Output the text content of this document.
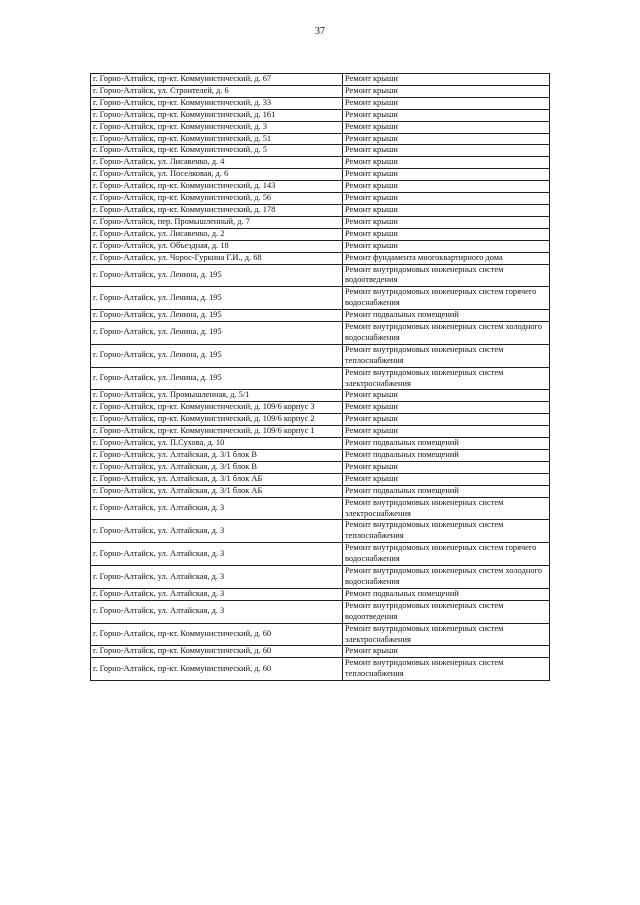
37
г. Горно-Алтайск, пр-кт. Коммунистический, д. 67	Ремонт крыши
г. Горно-Алтайск, ул. Строителей, д. 6	Ремонт крыши
г. Горно-Алтайск, пр-кт. Коммунистический, д. 33	Ремонт крыши
г. Горно-Алтайск, пр-кт. Коммунистический, д. 161	Ремонт крыши
г. Горно-Алтайск, пр-кт. Коммунистический, д. 3	Ремонт крыши
г. Горно-Алтайск, пр-кт. Коммунистический, д. 51	Ремонт крыши
г. Горно-Алтайск, пр-кт. Коммунистический, д. 5	Ремонт крыши
г. Горно-Алтайск, ул. Лисавенко, д. 4	Ремонт крыши
г. Горно-Алтайск, ул. Поселковая, д. 6	Ремонт крыши
г. Горно-Алтайск, пр-кт. Коммунистический, д. 143	Ремонт крыши
г. Горно-Алтайск, пр-кт. Коммунистический, д. 56	Ремонт крыши
г. Горно-Алтайск, пр-кт. Коммунистический, д. 178	Ремонт крыши
г. Горно-Алтайск, пер. Промышленный, д. 7	Ремонт крыши
г. Горно-Алтайск, ул. Лисавенко, д. 2	Ремонт крыши
г. Горно-Алтайск, ул. Объездная, д. 18	Ремонт крыши
г. Горно-Алтайск, ул. Чорос-Гуркина Г.И., д. 68	Ремонт фундамента многоквартирного дома
г. Горно-Алтайск, ул. Ленина, д. 195	Ремонт внутридомовых инженерных систем водоотведения
г. Горно-Алтайск, ул. Ленина, д. 195	Ремонт внутридомовых инженерных систем горячего водоснабжения
г. Горно-Алтайск, ул. Ленина, д. 195	Ремонт подвальных помещений
г. Горно-Алтайск, ул. Ленина, д. 195	Ремонт внутридомовых инженерных систем холодного водоснабжения
г. Горно-Алтайск, ул. Ленина, д. 195	Ремонт внутридомовых инженерных систем теплоснабжения
г. Горно-Алтайск, ул. Ленина, д. 195	Ремонт внутридомовых инженерных систем электроснабжения
г. Горно-Алтайск, ул. Промышленная, д. 5/1	Ремонт крыши
г. Горно-Алтайск, пр-кт. Коммунистический, д. 109/6 корпус 3	Ремонт крыши
г. Горно-Алтайск, пр-кт. Коммунистический, д. 109/6 корпус 2	Ремонт крыши
г. Горно-Алтайск, пр-кт. Коммунистический, д. 109/6 корпус 1	Ремонт крыши
г. Горно-Алтайск, ул. П.Сухова, д. 10	Ремонт подвальных помещений
г. Горно-Алтайск, ул. Алтайская, д. 3/1 блок В	Ремонт подвальных помещений
г. Горно-Алтайск, ул. Алтайская, д. 3/1 блок В	Ремонт крыши
г. Горно-Алтайск, ул. Алтайская, д. 3/1 блок АБ	Ремонт крыши
г. Горно-Алтайск, ул. Алтайская, д. 3/1 блок АБ	Ремонт подвальных помещений
г. Горно-Алтайск, ул. Алтайская, д. 3	Ремонт внутридомовых инженерных систем электроснабжения
г. Горно-Алтайск, ул. Алтайская, д. 3	Ремонт внутридомовых инженерных систем теплоснабжения
г. Горно-Алтайск, ул. Алтайская, д. 3	Ремонт внутридомовых инженерных систем горячего водоснабжения
г. Горно-Алтайск, ул. Алтайская, д. 3	Ремонт внутридомовых инженерных систем холодного водоснабжения
г. Горно-Алтайск, ул. Алтайская, д. 3	Ремонт подвальных помещений
г. Горно-Алтайск, ул. Алтайская, д. 3	Ремонт внутридомовых инженерных систем водоотведения
г. Горно-Алтайск, пр-кт. Коммунистический, д. 60	Ремонт внутридомовых инженерных систем электроснабжения
г. Горно-Алтайск, пр-кт. Коммунистический, д. 60	Ремонт крыши
г. Горно-Алтайск, пр-кт. Коммунистический, д. 60	Ремонт внутридомовых инженерных систем теплоснабжения
